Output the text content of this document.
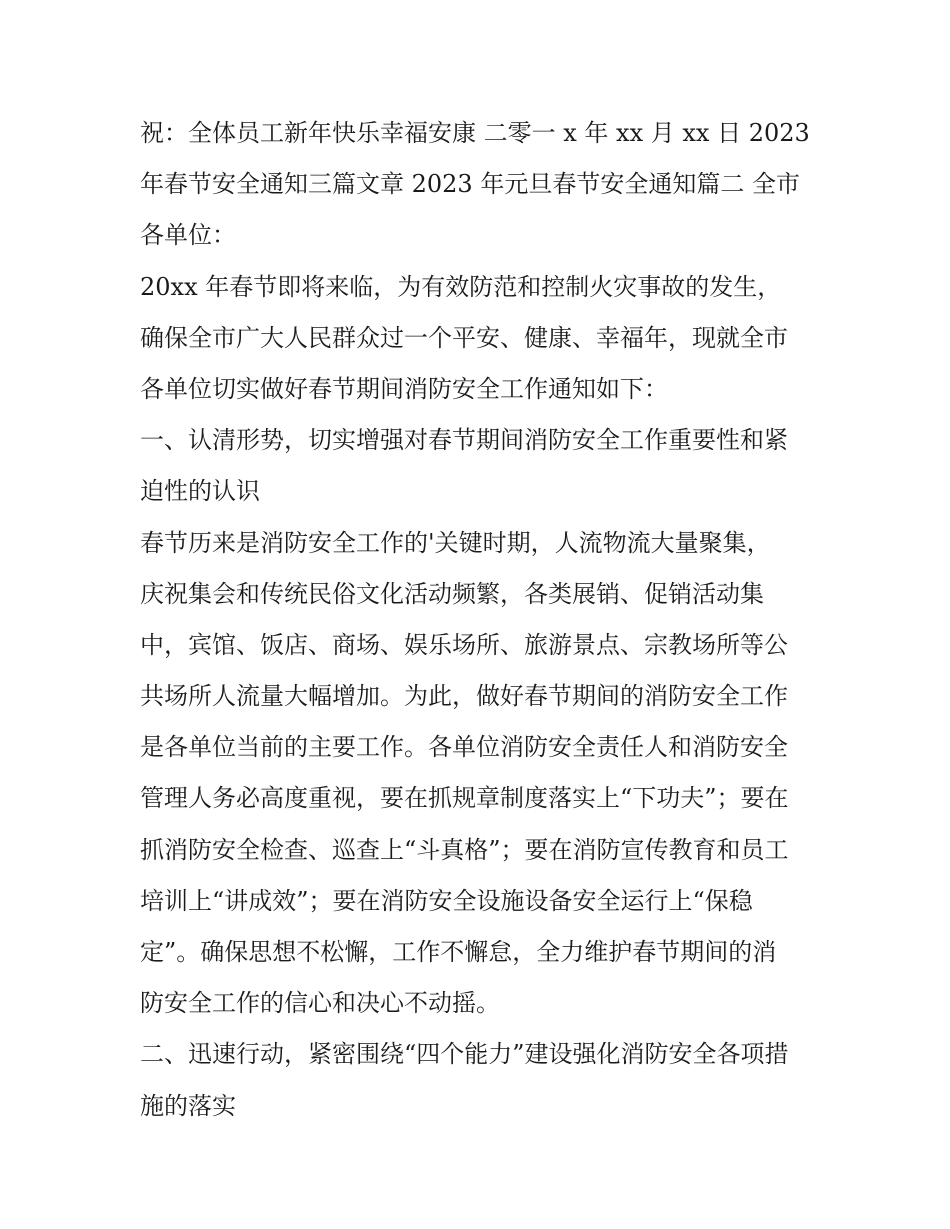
祝：全体员工新年快乐幸福安康 二零一 x 年 xx 月 xx 日 2023
年春节安全通知三篇文章 2023 年元旦春节安全通知篇二 全市
各单位：
20xx 年春节即将来临，为有效防范和控制火灾事故的发生，
确保全市广大人民群众过一个平安、健康、幸福年，现就全市
各单位切实做好春节期间消防安全工作通知如下：
一、认清形势，切实增强对春节期间消防安全工作重要性和紧
迫性的认识
春节历来是消防安全工作的'关键时期，人流物流大量聚集，
庆祝集会和传统民俗文化活动频繁，各类展销、促销活动集
中，宾馆、饭店、商场、娱乐场所、旅游景点、宗教场所等公
共场所人流量大幅增加。为此，做好春节期间的消防安全工作
是各单位当前的主要工作。各单位消防安全责任人和消防安全
管理人务必高度重视，要在抓规章制度落实上“下功夫”；要在
抓消防安全检查、巡查上“斗真格”；要在消防宣传教育和员工
培训上“讲成效”；要在消防安全设施设备安全运行上“保稳
定”。确保思想不松懈，工作不懈怠，全力维护春节期间的消
防安全工作的信心和决心不动摇。
二、迅速行动，紧密围绕“四个能力”建设强化消防安全各项措
施的落实
